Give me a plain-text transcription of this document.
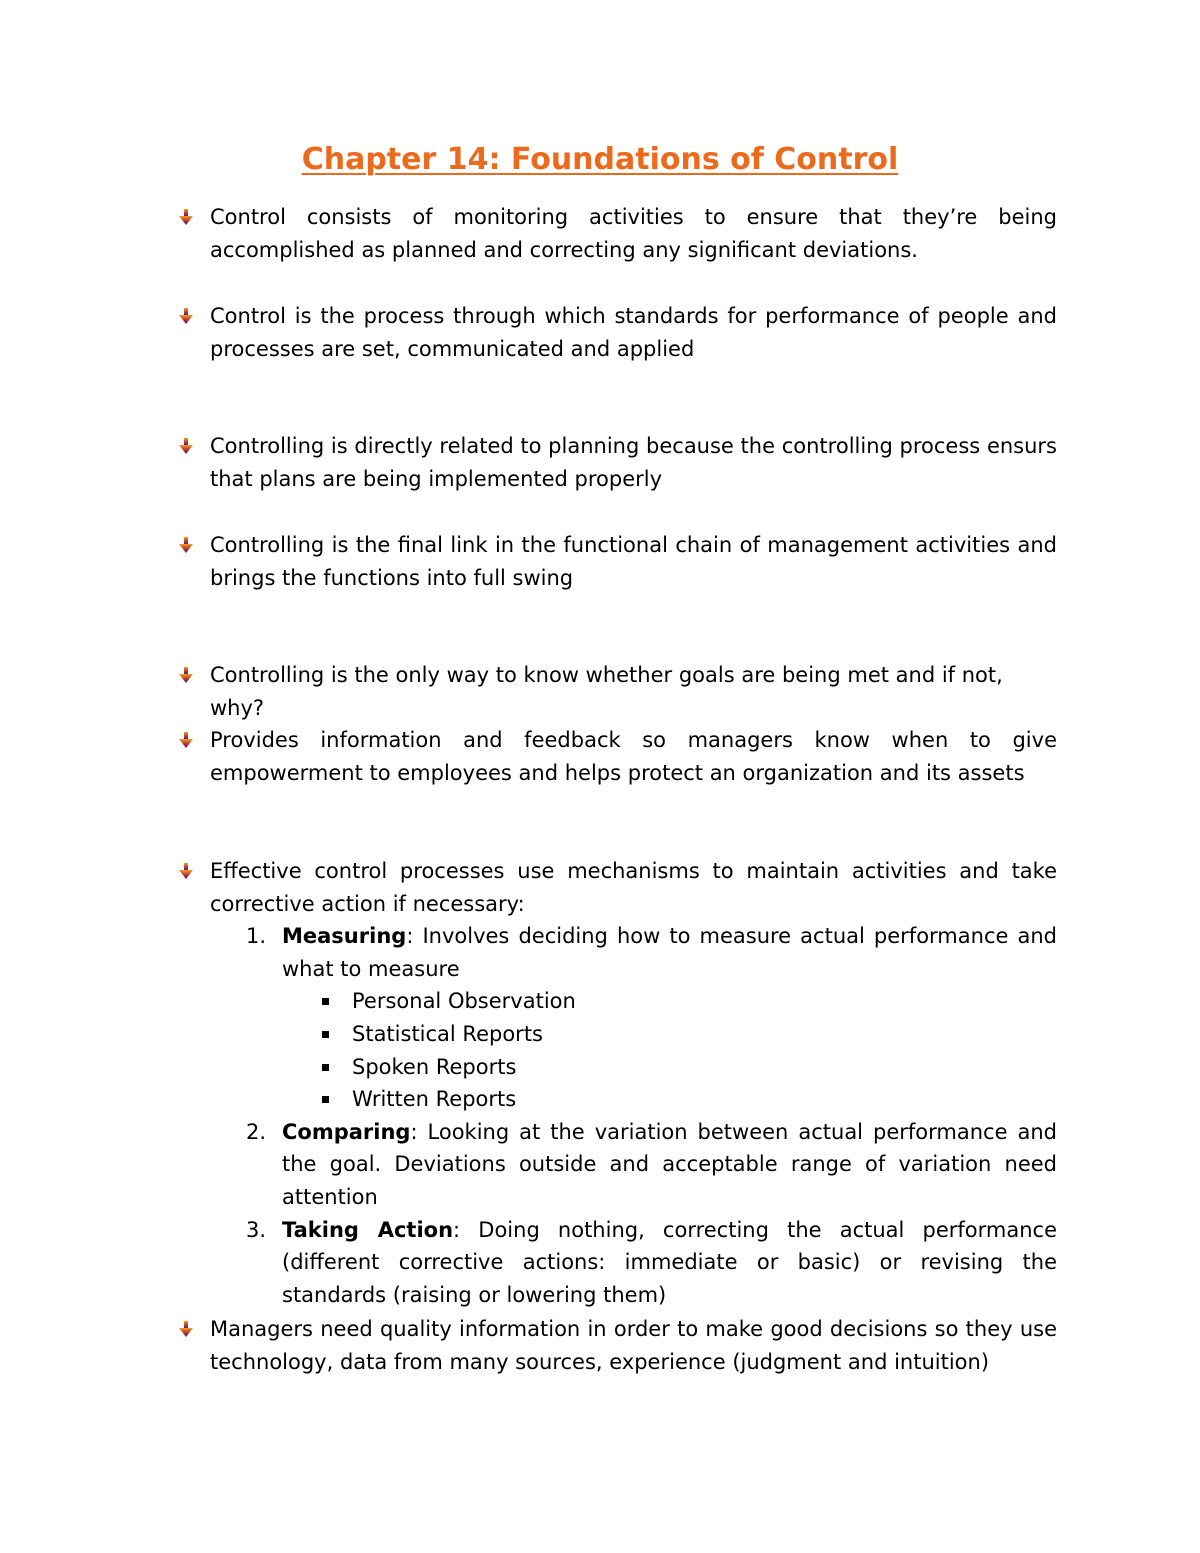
Chapter 14: Foundations of Control
Control consists of monitoring activities to ensure that they’re being accomplished as planned and correcting any significant deviations.
Control is the process through which standards for performance of people and processes are set, communicated and applied
Controlling is directly related to planning because the controlling process ensurs that plans are being implemented properly
Controlling is the final link in the functional chain of management activities and brings the functions into full swing
Controlling is the only way to know whether goals are being met and if not, why?
Provides information and feedback so managers know when to give empowerment to employees and helps protect an organization and its assets
Effective control processes use mechanisms to maintain activities and take corrective action if necessary:
1. Measuring: Involves deciding how to measure actual performance and what to measure
Personal Observation
Statistical Reports
Spoken Reports
Written Reports
2. Comparing: Looking at the variation between actual performance and the goal. Deviations outside and acceptable range of variation need attention
3. Taking Action: Doing nothing, correcting the actual performance (different corrective actions: immediate or basic) or revising the standards (raising or lowering them)
Managers need quality information in order to make good decisions so they use technology, data from many sources, experience (judgment and intuition)
